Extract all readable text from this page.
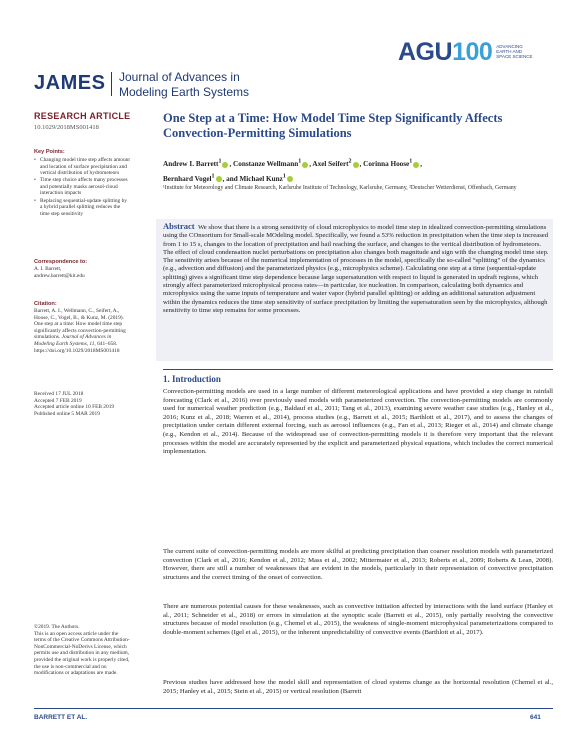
AGU 100 ADVANCING
EARTH AND
SPACE SCIENCE
JAMES Journal of Advances in
Modeling Earth Systems
RESEARCH ARTICLE
10.1029/2018MS001418
Key Points:
• Changing model time step affects amount and location of surface precipitation and vertical distribution of hydrometeors
• Time step choice affects many processes and potentially masks aerosol-cloud interaction impacts
• Replacing sequential-update splitting by a hybrid parallel splitting reduces the time step sensitivity
Correspondence to:
A. I. Barrett,
andrew.barrett@kit.edu
Citation:
Barrett, A. I., Wellmann, C., Seifert, A., Hoose, C., Vogel, B., & Kunz, M. (2019). One step at a time: How model time step significantly affects convection-permitting simulations. Journal of Advances in Modeling Earth Systems, 11, 641–658. https://doi.org/10.1029/2018MS001418
Received 17 JUL 2018
Accepted 7 FEB 2019
Accepted article online 10 FEB 2019
Published online 5 MAR 2019
©2019. The Authors.
This is an open access article under the terms of the Creative Commons Attribution-NonCommercial-NoDerivs License, which permits use and distribution in any medium, provided the original work is properly cited, the use is non-commercial and no modifications or adaptations are made.
One Step at a Time: How Model Time Step Significantly Affects Convection-Permitting Simulations
Andrew I. Barrett$^1$ , Constanze Wellmann$^1$ , Axel Seifert$^2$ , Corinna Hoose$^1$ ,
Bernhard Vogel$^1$ , and Michael Kunz$^1$
¹Institute for Meteorology and Climate Research, Karlsruhe Institute of Technology, Karlsruhe, Germany, ²Deutscher Wetterdienst, Offenbach, Germany
Abstract We show that there is a strong sensitivity of cloud microphysics to model time step in idealized convection-permitting simulations using the COnsortium for Small-scale MOdeling model. Specifically, we found a 53% reduction in precipitation when the time step is increased from 1 to 15 s, changes to the location of precipitation and hail reaching the surface, and changes to the vertical distribution of hydrometeors. The effect of cloud condensation nuclei perturbations on precipitation also changes both magnitude and sign with the changing model time step. The sensitivity arises because of the numerical implementation of processes in the model, specifically the so-called “splitting” of the dynamics (e.g., advection and diffusion) and the parameterized physics (e.g., microphysics scheme). Calculating one step at a time (sequential-update splitting) gives a significant time step dependence because large supersaturation with respect to liquid is generated in updraft regions, which strongly affect parameterized microphysical process rates—in particular, ice nucleation. In comparison, calculating both dynamics and microphysics using the same inputs of temperature and water vapor (hybrid parallel splitting) or adding an additional saturation adjustment within the dynamics reduces the time step sensitivity of surface precipitation by limiting the supersaturation seen by the microphysics, although sensitivity to time step remains for some processes.
1. Introduction
Convection-permitting models are used in a large number of different meteorological applications and have provided a step change in rainfall forecasting (Clark et al., 2016) over previously used models with parameterized convection. The convection-permitting models are commonly used for numerical weather prediction (e.g., Baldauf et al., 2011; Tang et al., 2013), examining severe weather case studies (e.g., Hanley et al., 2016; Kunz et al., 2018; Warren et al., 2014), process studies (e.g., Barrett et al., 2015; Barthlott et al., 2017), and to assess the changes of precipitation under certain different external forcing, such as aerosol influences (e.g., Fan et al., 2013; Rieger et al., 2014) and climate change (e.g., Kendon et al., 2014). Because of the widespread use of convection-permitting models it is therefore very important that the relevant processes within the model are accurately represented by the explicit and parameterized physical equations, which includes the correct numerical implementation.
The current suite of convection-permitting models are more skilful at predicting precipitation than coarser resolution models with parameterized convection (Clark et al., 2016; Kendon et al., 2012; Mass et al., 2002; Mittermaier et al., 2013; Roberts et al., 2009; Roberts & Lean, 2008). However, there are still a number of weaknesses that are evident in the models, particularly in their representation of convective precipitation structures and the correct timing of the onset of convection.
There are numerous potential causes for these weaknesses, such as convective initiation affected by interactions with the land surface (Hanley et al., 2011; Schneider et al., 2018) or errors in simulation at the synoptic scale (Barrett et al., 2015), only partially resolving the convective structures because of model resolution (e.g., Chemel et al., 2015), the weakness of single-moment microphysical parameterizations compared to double-moment schemes (Igel et al., 2015), or the inherent unpredictability of convective events (Barthlott et al., 2017).
Previous studies have addressed how the model skill and representation of cloud systems change as the horizontal resolution (Chemel et al., 2015; Hanley et al., 2015; Stein et al., 2015) or vertical resolution (Barrett
BARRETT ET AL.	641
